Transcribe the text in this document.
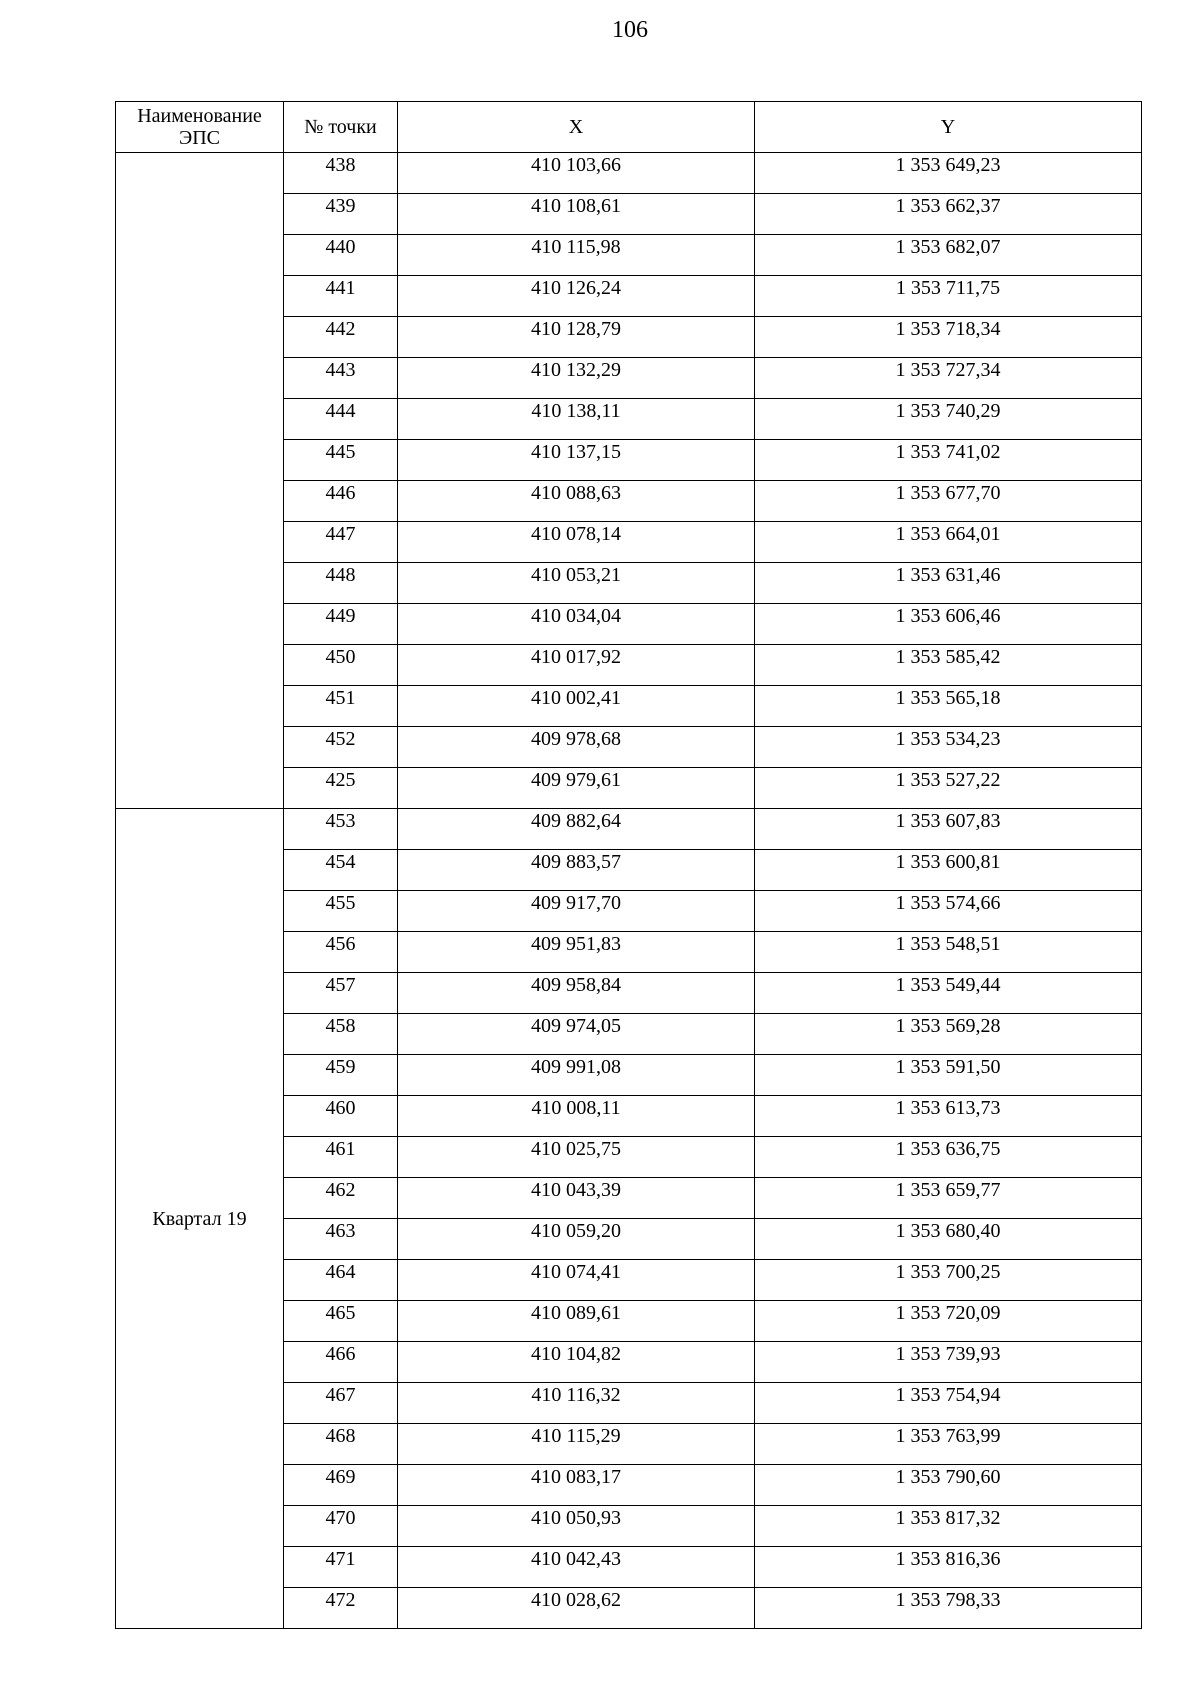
106
Наименование ЭПС	№ точки	X	Y
	438	410 103,66	1 353 649,23
	439	410 108,61	1 353 662,37
	440	410 115,98	1 353 682,07
	441	410 126,24	1 353 711,75
	442	410 128,79	1 353 718,34
	443	410 132,29	1 353 727,34
	444	410 138,11	1 353 740,29
	445	410 137,15	1 353 741,02
	446	410 088,63	1 353 677,70
	447	410 078,14	1 353 664,01
	448	410 053,21	1 353 631,46
	449	410 034,04	1 353 606,46
	450	410 017,92	1 353 585,42
	451	410 002,41	1 353 565,18
	452	409 978,68	1 353 534,23
	425	409 979,61	1 353 527,22
Квартал 19	453	409 882,64	1 353 607,83
	454	409 883,57	1 353 600,81
	455	409 917,70	1 353 574,66
	456	409 951,83	1 353 548,51
	457	409 958,84	1 353 549,44
	458	409 974,05	1 353 569,28
	459	409 991,08	1 353 591,50
	460	410 008,11	1 353 613,73
	461	410 025,75	1 353 636,75
	462	410 043,39	1 353 659,77
	463	410 059,20	1 353 680,40
	464	410 074,41	1 353 700,25
	465	410 089,61	1 353 720,09
	466	410 104,82	1 353 739,93
	467	410 116,32	1 353 754,94
	468	410 115,29	1 353 763,99
	469	410 083,17	1 353 790,60
	470	410 050,93	1 353 817,32
	471	410 042,43	1 353 816,36
	472	410 028,62	1 353 798,33
